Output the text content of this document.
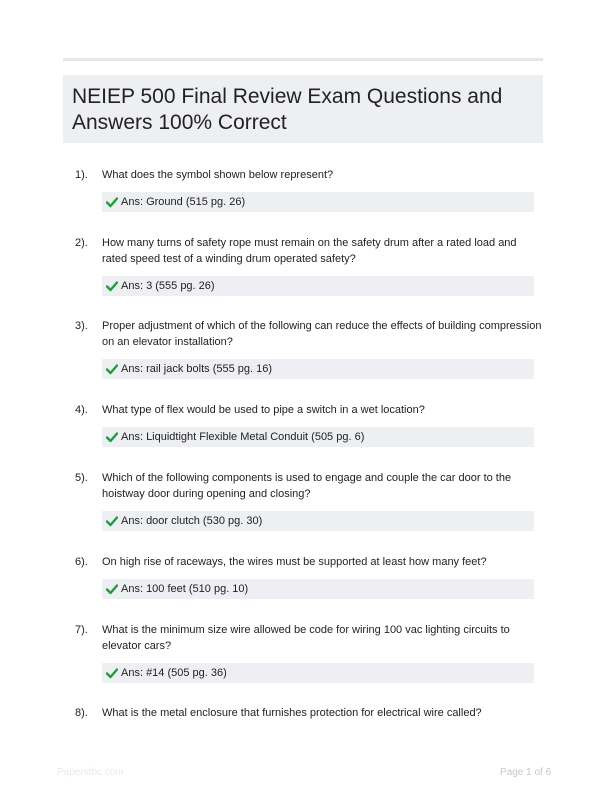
NEIEP 500 Final Review Exam Questions and Answers 100% Correct
1). What does the symbol shown below represent?
Ans: Ground (515 pg. 26)
2). How many turns of safety rope must remain on the safety drum after a rated load and rated speed test of a winding drum operated safety?
Ans: 3 (555 pg. 26)
3). Proper adjustment of which of the following can reduce the effects of building compression on an elevator installation?
Ans: rail jack bolts (555 pg. 16)
4). What type of flex would be used to pipe a switch in a wet location?
Ans: Liquidtight Flexible Metal Conduit (505 pg. 6)
5). Which of the following components is used to engage and couple the car door to the hoistway door during opening and closing?
Ans: door clutch (530 pg. 30)
6). On high rise of raceways, the wires must be supported at least how many feet?
Ans: 100 feet (510 pg. 10)
7). What is the minimum size wire allowed be code for wiring 100 vac lighting circuits to elevator cars?
Ans: #14 (505 pg. 36)
8). What is the metal enclosure that furnishes protection for electrical wire called?
Paperstbc.com	Page 1 of 6
